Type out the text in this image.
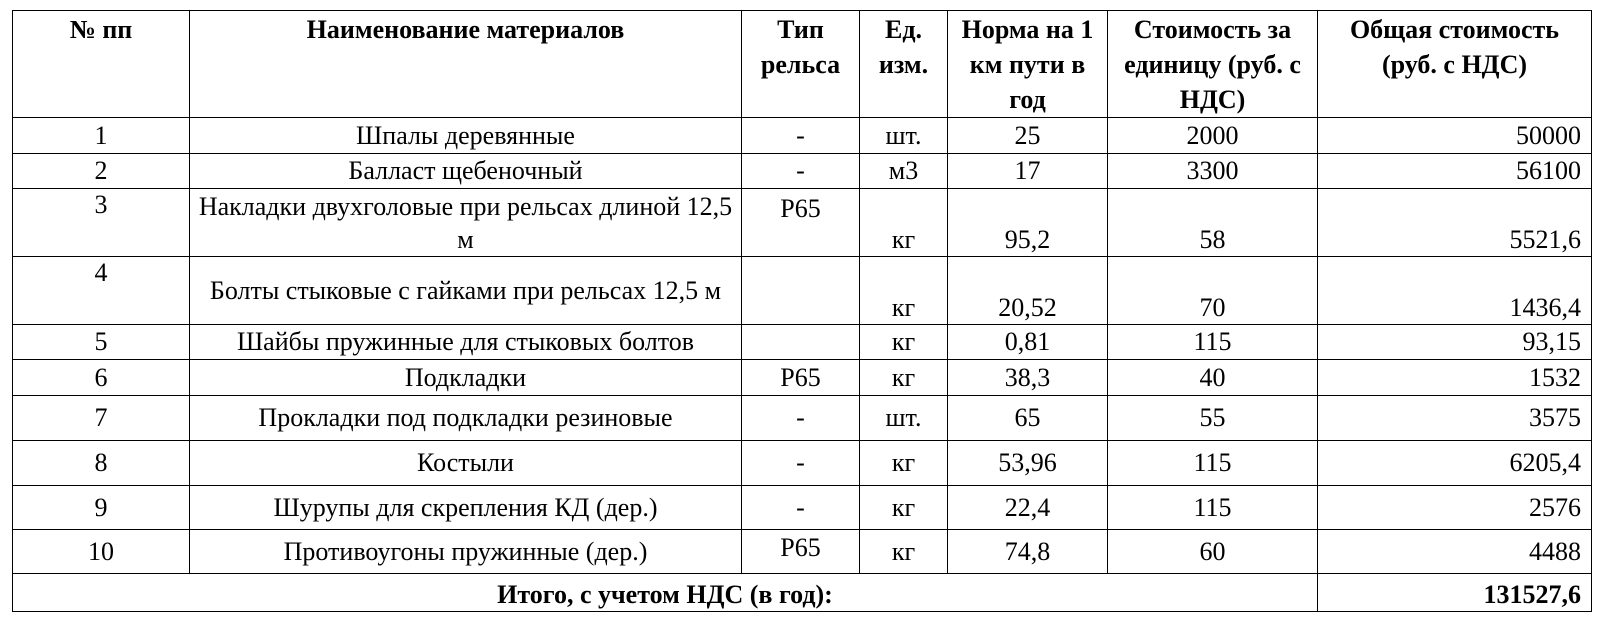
№ пп	Наименование материалов	Тип рельса	Ед. изм.	Норма на 1 км пути в год	Стоимость за единицу (руб. с НДС)	Общая стоимость (руб. с НДС)
1	Шпалы деревянные	-	шт.	25	2000	50000
2	Балласт щебеночный	-	м3	17	3300	56100
3	Накладки двухголовые при рельсах длиной 12,5 м	Р65	кг	95,2	58	5521,6
4	Болты стыковые с гайками при рельсах 12,5 м		кг	20,52	70	1436,4
5	Шайбы пружинные для стыковых болтов		кг	0,81	115	93,15
6	Подкладки	Р65	кг	38,3	40	1532
7	Прокладки под подкладки резиновые	-	шт.	65	55	3575
8	Костыли	-	кг	53,96	115	6205,4
9	Шурупы для скрепления КД (дер.)	-	кг	22,4	115	2576
10	Противоугоны пружинные (дер.)	Р65	кг	74,8	60	4488
Итого, с учетом НДС (в год):						131527,6
